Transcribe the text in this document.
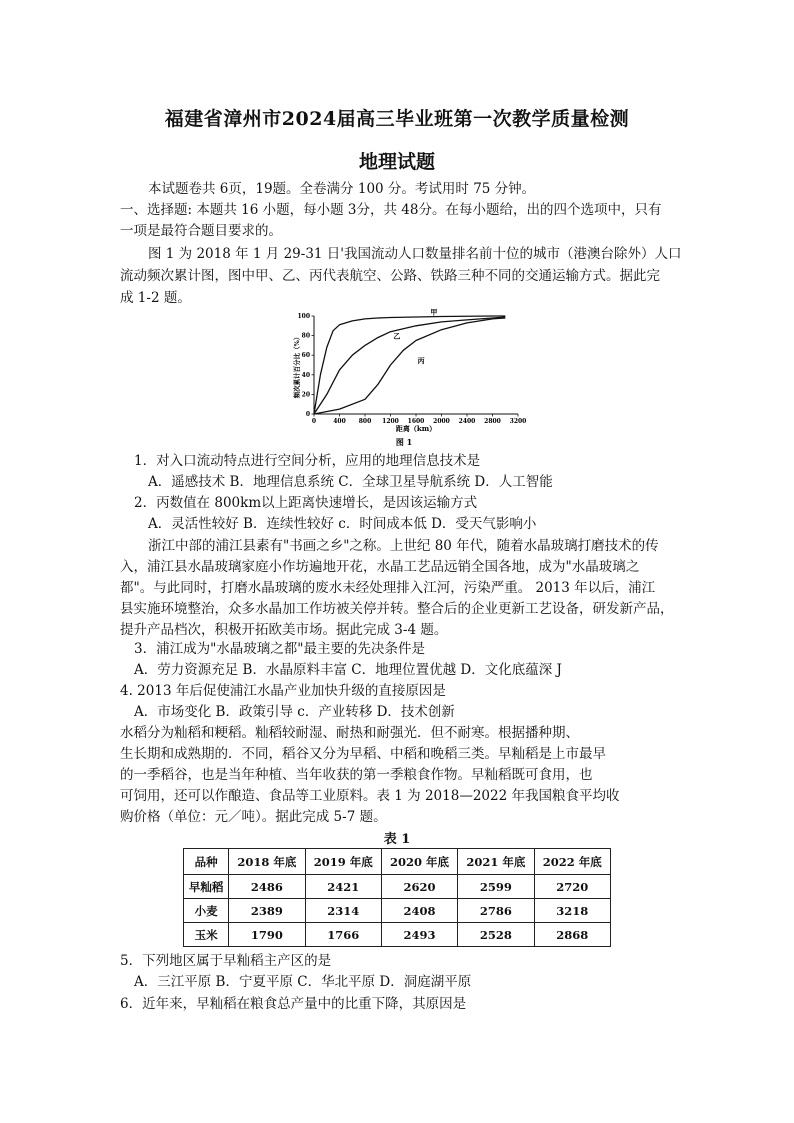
福建省漳州市2024届高三毕业班第一次教学质量检测
地理试题
本试题卷共 6页，19题。全卷满分 100 分。考试用时 75 分钟。
一、选择题: 本题共 16 小题，每小题 3分，共 48分。在每小题给，出的四个选项中，只有
一项是最符合题目要求的。
图 1 为 2018 年 1 月 29-31 日'我国流动人口数量排名前十位的城市（港澳台除外）人口
流动频次累计图，图中甲、乙、丙代表航空、公路、铁路三种不同的交通运输方式。据此完
成 1-2 题。
0
20
40
60
80
100
0	400 800 1200 1600 2000 2400 2800 3200
甲
乙
丙
频次累计百分比（%）
距离（km）
图 1
1．对入口流动特点进行空间分析，应用的地理信息技术是
A．遥感技术 B．地理信息系统 C．全球卫星导航系统 D．人工智能
2．丙数值在 800km以上距离快速增长，是因该运输方式
A．灵活性较好 B．连续性较好 c．时间成本低 D．受天气影响小
浙江中部的浦江县素有"书画之乡"之称。上世纪 80 年代，随着水晶玻璃打磨技术的传
入，浦江县水晶玻璃家庭小作坊遍地开花，水晶工艺品远销全国各地，成为"水晶玻璃之
都"。与此同时，打磨水晶玻璃的废水未经处理排入江河，污染严重。 2013 年以后，浦江
县实施环境整治，众多水晶加工作坊被关停并转。整合后的企业更新工艺设备，研发新产品，
提升产品档次，积极开拓欧美市场。据此完成 3-4 题。
3．浦江成为"水晶玻璃之都"最主要的先决条件是
A．劳力资源充足 B．水晶原料丰富 C．地理位置优越 D．文化底蕴深 J
4. 2013 年后促使浦江水晶产业加快升级的直接原因是
A．市场变化 B．政策引导 c．产业转移 D．技术创新
水稻分为籼稻和粳稻。籼稻较耐湿、耐热和耐强光．但不耐寒。根据播种期、
生长期和成熟期的．不同，稻谷又分为早稻、中稻和晚稻三类。早籼稻是上市最早
的一季稻谷，也是当年种植、当年收获的第一季粮食作物。早籼稻既可食用，也
可饲用，还可以作酿造、食品等工业原料。表 1 为 2018—2022 年我国粮食平均收
购价格（单位：元／吨）。据此完成 5-7 题。
表 1
品种	2018 年底	2019 年底	2020 年底	2021 年底	2022 年底
早籼稻	2486	2421	2620	2599	2720
小麦	2389	2314	2408	2786	3218
玉米	1790	1766	2493	2528	2868
5．下列地区属于早籼稻主产区的是
A．三江平原 B．宁夏平原 C．华北平原 D．洞庭湖平原
6．近年来，早籼稻在粮食总产量中的比重下降，其原因是
